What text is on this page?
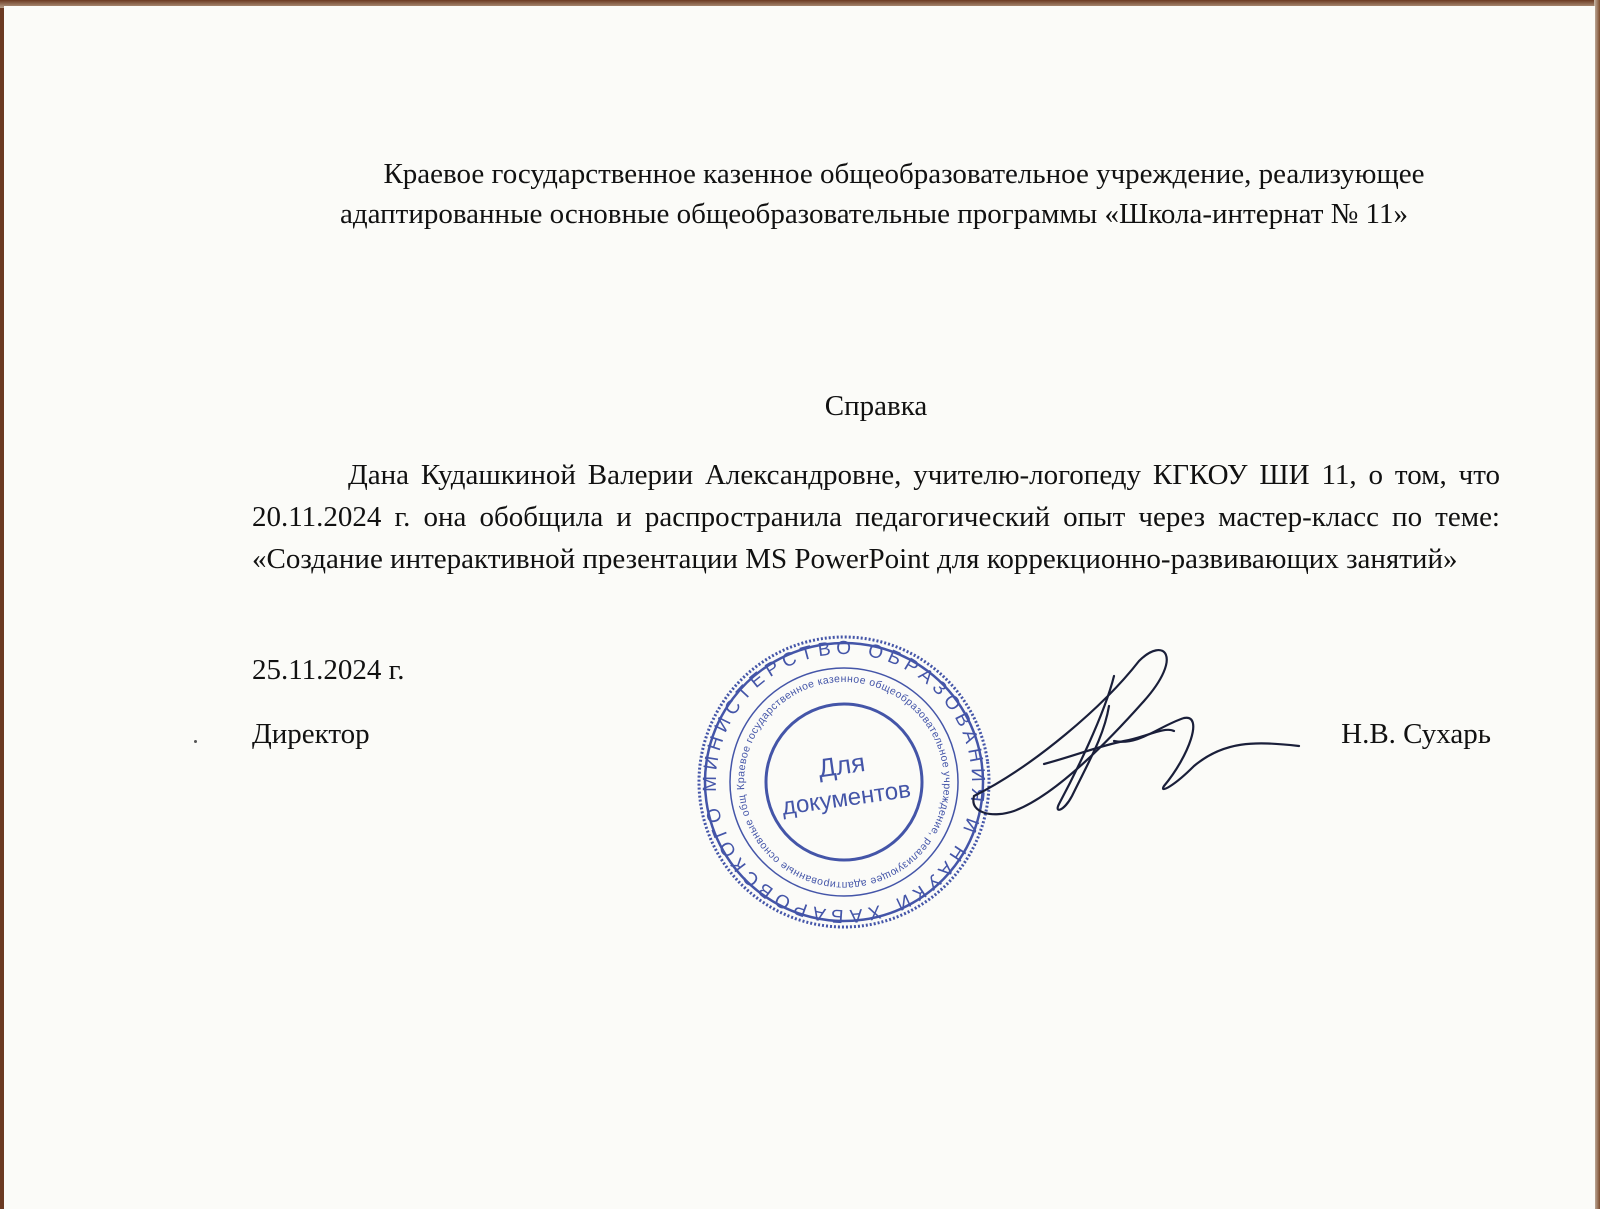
Краевое государственное казенное общеобразовательное учреждение, реализующее
адаптированные основные общеобразовательные программы «Школа-интернат № 11»
Справка

Дана Кудашкиной Валерии Александровне, учителю-логопеду КГКОУ ШИ 11, о том, что 20.11.2024 г. она обобщила и распространила педагогический опыт через мастер-класс по теме: «Создание интерактивной презентации MS PowerPoint для коррекционно-развивающих занятий»

25.11.2024 г.
Директор	Н.В. Сухарь
МИНИСТЕРСТВО ОБРАЗОВАНИЯ И НАУКИ ХАБАРОВСКОГО
Краевое государственное казенное общеобразовательное учреждение, реализующее адаптированные основные общеобразовательные
Для
документов
